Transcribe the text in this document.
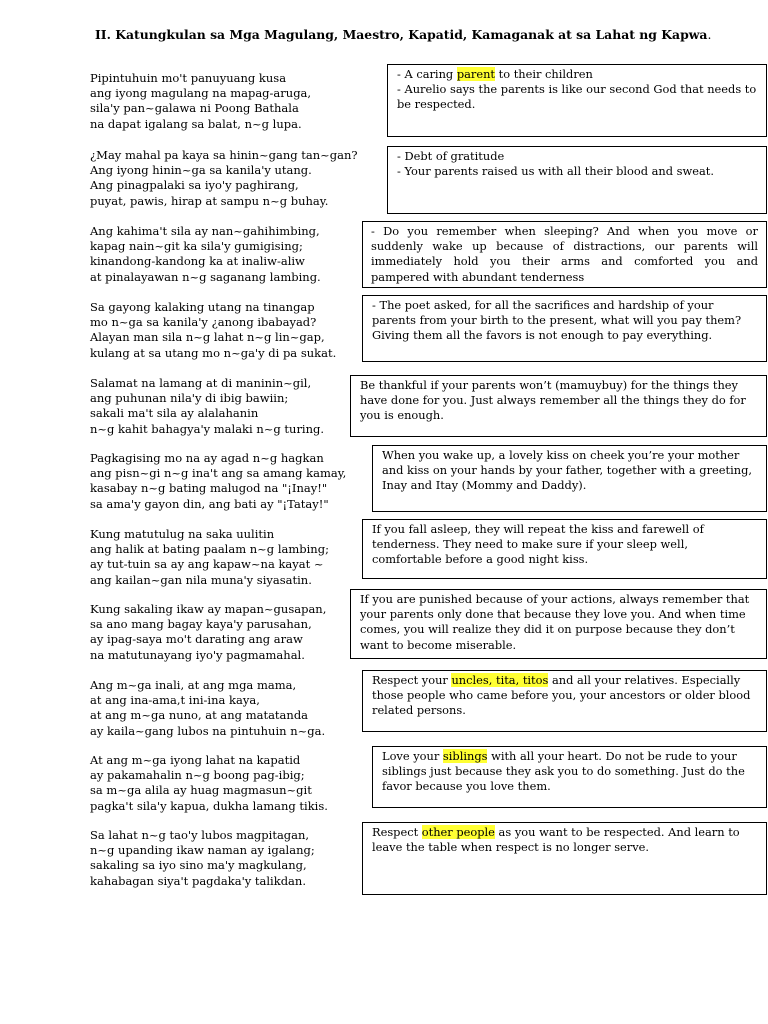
II. Katungkulan sa Mga Magulang, Maestro, Kapatid, Kamaganak at sa Lahat ng Kapwa.
Pipintuhuin mo't panuyuang kusa
ang iyong magulang na mapag-aruga,
sila'y pan~galawa ni Poong Bathala
na dapat igalang sa balat, n~g lupa.
¿May mahal pa kaya sa hinin~gang tan~gan?
Ang iyong hinin~ga sa kanila'y utang.
Ang pinagpalaki sa iyo'y paghirang,
puyat, pawis, hirap at sampu n~g buhay.
Ang kahima't sila ay nan~gahihimbing,
kapag nain~git ka sila'y gumigising;
kinandong-kandong ka at inaliw-aliw
at pinalayawan n~g saganang lambing.
Sa gayong kalaking utang na tinangap
mo n~ga sa kanila'y ¿anong ibabayad?
Alayan man sila n~g lahat n~g lin~gap,
kulang at sa utang mo n~ga'y di pa sukat.
Salamat na lamang at di maninin~gil,
ang puhunan nila'y di ibig bawiin;
sakali ma't sila ay alalahanin
n~g kahit bahagya'y malaki n~g turing.
Pagkagising mo na ay agad n~g hagkan
ang pisn~gi n~g ina't ang sa amang kamay,
kasabay n~g bating malugod na "¡Inay!"
sa ama'y gayon din, ang bati ay "¡Tatay!"
Kung matutulug na saka uulitin
ang halik at bating paalam n~g lambing;
ay tut-tuin sa ay ang kapaw~na kayat ~
ang kailan~gan nila muna'y siyasatin.
Kung sakaling ikaw ay mapan~gusapan,
sa ano mang bagay kaya'y parusahan,
ay ipag-saya mo't darating ang araw
na matutunayang iyo'y pagmamahal.
Ang m~ga inali, at ang mga mama,
at ang ina-ama,t ini-ina kaya,
at ang m~ga nuno, at ang matatanda
ay kaila~gang lubos na pintuhuin n~ga.
At ang m~ga iyong lahat na kapatid
ay pakamahalin n~g boong pag-ibig;
sa m~ga alila ay huag magmasun~git
pagka't sila'y kapua, dukha lamang tikis.
Sa lahat n~g tao'y lubos magpitagan,
n~g upanding ikaw naman ay igalang;
sakaling sa iyo sino ma'y magkulang,
kahabagan siya't pagdaka'y talikdan.
- A caring parent to their children
- Aurelio says the parents is like our second God that needs to be respected.
- Debt of gratitude
- Your parents raised us with all their blood and sweat.
- Do you remember when sleeping? And when you move or suddenly wake up because of distractions, our parents will immediately hold you their arms and comforted you and pampered with abundant tenderness
- The poet asked, for all the sacrifices and hardship of your parents from your birth to the present, what will you pay them? Giving them all the favors is not enough to pay everything.
Be thankful if your parents won’t (mamuybuy) for the things they have done for you. Just always remember all the things they do for you is enough.
When you wake up, a lovely kiss on cheek you’re your mother and kiss on your hands by your father, together with a greeting, Inay and Itay (Mommy and Daddy).
If you fall asleep, they will repeat the kiss and farewell of tenderness. They need to make sure if your sleep well, comfortable before a good night kiss.
If you are punished because of your actions, always remember that your parents only done that because they love you. And when time comes, you will realize they did it on purpose because they don’t want to become miserable.
Respect your uncles, tita, titos and all your relatives. Especially those people who came before you, your ancestors or older blood related persons.
Love your siblings with all your heart. Do not be rude to your siblings just because they ask you to do something. Just do the favor because you love them.
Respect other people as you want to be respected. And learn to leave the table when respect is no longer serve.
